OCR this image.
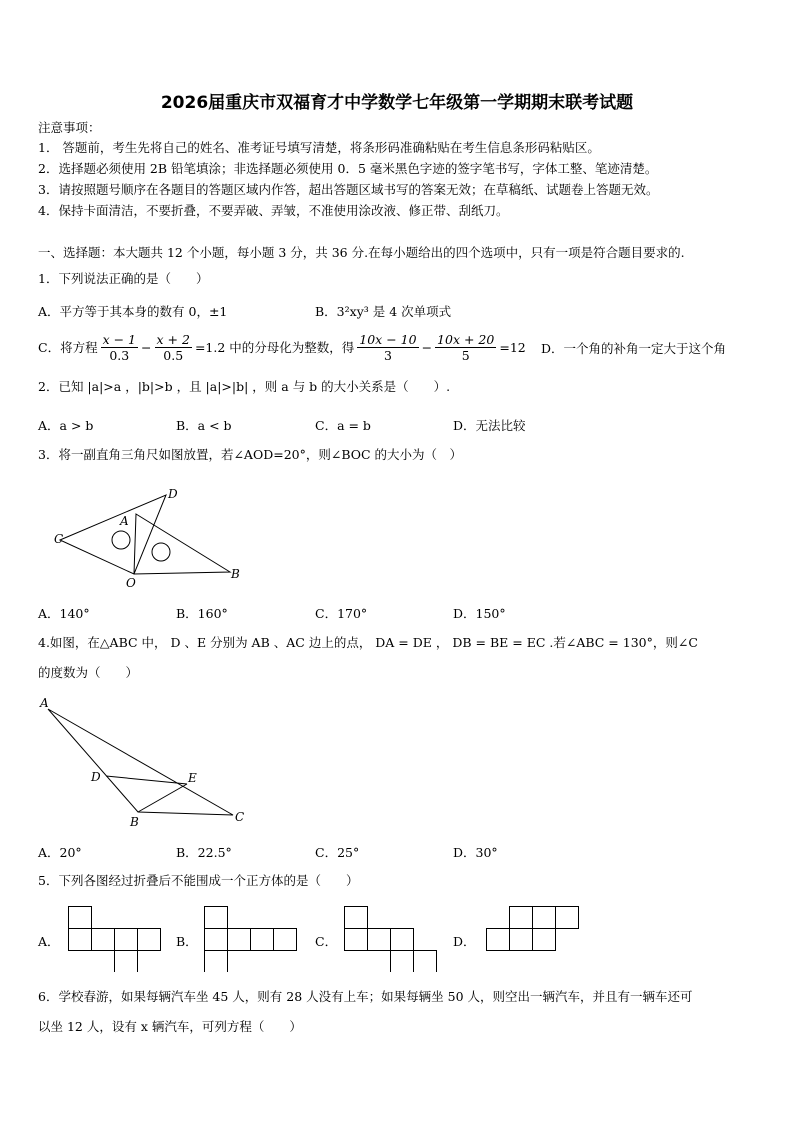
2026届重庆市双福育才中学数学七年级第一学期期末联考试题
注意事项：
1． 答题前，考生先将自己的姓名、准考证号填写清楚，将条形码准确粘贴在考生信息条形码粘贴区。
2．选择题必须使用 2B 铅笔填涂；非选择题必须使用 0．5 毫米黑色字迹的签字笔书写，字体工整、笔迹清楚。
3．请按照题号顺序在各题目的答题区域内作答，超出答题区域书写的答案无效；在草稿纸、试题卷上答题无效。
4．保持卡面清洁，不要折叠，不要弄破、弄皱，不准使用涂改液、修正带、刮纸刀。
一、选择题：本大题共 12 个小题，每小题 3 分，共 36 分.在每小题给出的四个选项中，只有一项是符合题目要求的.
1．下列说法正确的是（　　）
A．平方等于其本身的数有 0，±1	B．3²xy³ 是 4 次单项式
C．将方程 $\frac{x - 1}{0.3} - \frac{x + 2}{0.5} =1.2$ 中的分母化为整数，得 $\frac{10x - 10}{3} - \frac{10x + 20}{5} =12$ D．一个角的补角一定大于这个角
2．已知 |a|>a ，|b|>b ，且 |a|>|b| ，则 a 与 b 的大小关系是（　　）.
A．a > b	B．a < b	C．a = b	D．无法比较
3．将一副直角三角尺如图放置，若∠AOD=20°，则∠BOC 的大小为（　）
D
A
C
O
B
A．140°	B．160°	C．170°	D．150°
4.如图，在△ABC 中， D 、E 分别为 AB 、AC 边上的点， DA = DE ， DB = BE = EC .若∠ABC = 130°，则∠C
的度数为（　　）
A
D	E
B	C
A．20°	B．22.5°	C．25°	D．30°
5．下列各图经过折叠后不能围成一个正方体的是（　　）
A．	B．	C．	D．
6．学校春游，如果每辆汽车坐 45 人，则有 28 人没有上车；如果每辆坐 50 人，则空出一辆汽车，并且有一辆车还可
以坐 12 人，设有 x 辆汽车，可列方程（　　）
